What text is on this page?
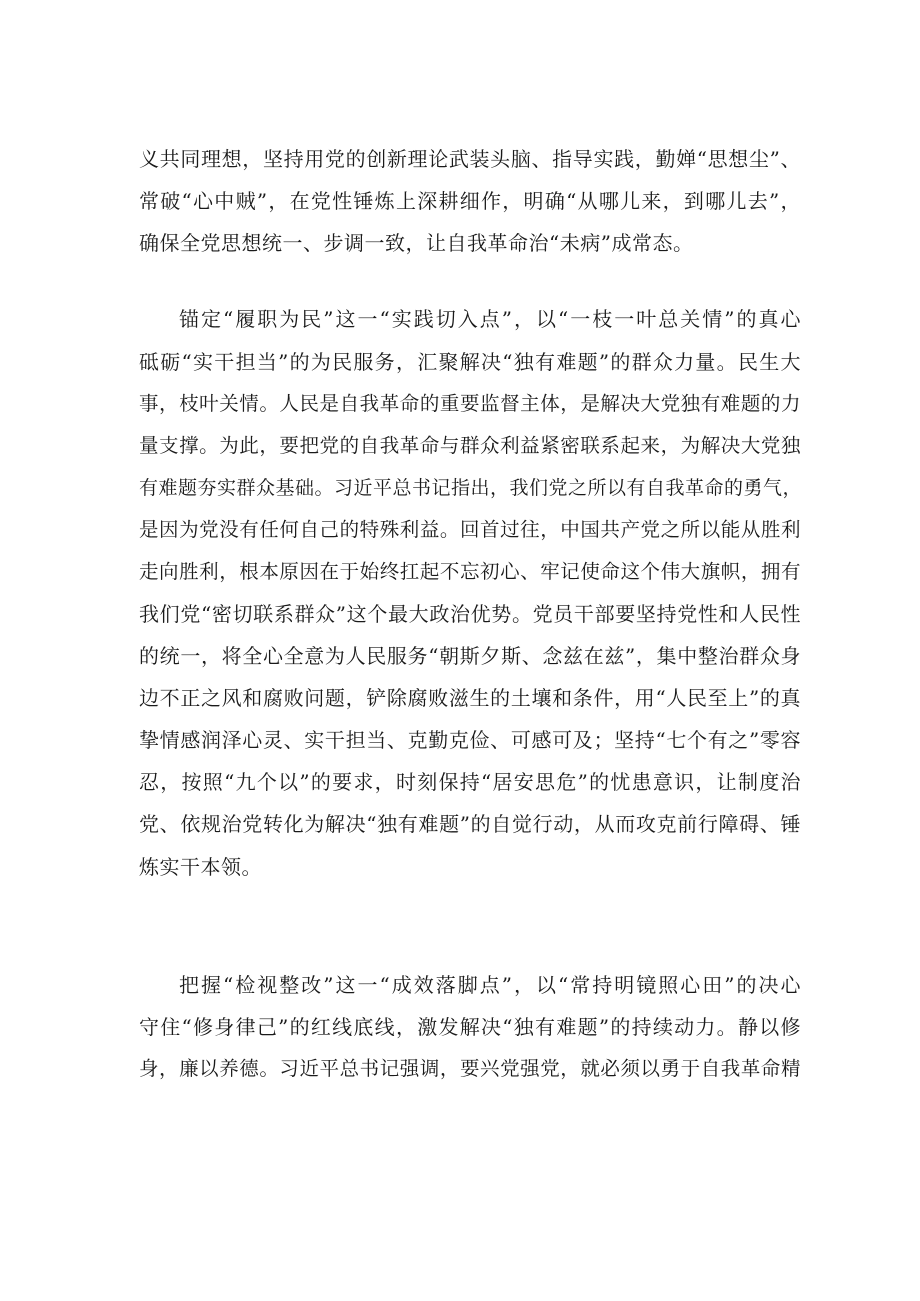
义共同理想，坚持用党的创新理论武装头脑、指导实践，勤婵“思想尘”、
常破“心中贼”，在党性锤炼上深耕细作，明确“从哪儿来，到哪儿去”，
确保全党思想统一、步调一致，让自我革命治“未病”成常态。
锚定“履职为民”这一“实践切入点”，以“一枝一叶总关情”的真心
砥砺“实干担当”的为民服务，汇聚解决“独有难题”的群众力量。民生大
事，枝叶关情。人民是自我革命的重要监督主体，是解决大党独有难题的力
量支撑。为此，要把党的自我革命与群众利益紧密联系起来，为解决大党独
有难题夯实群众基础。习近平总书记指出，我们党之所以有自我革命的勇气，
是因为党没有任何自己的特殊利益。回首过往，中国共产党之所以能从胜利
走向胜利，根本原因在于始终扛起不忘初心、牢记使命这个伟大旗帜，拥有
我们党“密切联系群众”这个最大政治优势。党员干部要坚持党性和人民性
的统一，将全心全意为人民服务“朝斯夕斯、念兹在兹”，集中整治群众身
边不正之风和腐败问题，铲除腐败滋生的土壤和条件，用“人民至上”的真
挚情感润泽心灵、实干担当、克勤克俭、可感可及；坚持“七个有之”零容
忍，按照“九个以”的要求，时刻保持“居安思危”的忧患意识，让制度治
党、依规治党转化为解决“独有难题”的自觉行动，从而攻克前行障碍、锤
炼实干本领。
把握“检视整改”这一“成效落脚点”，以“常持明镜照心田”的决心
守住“修身律己”的红线底线，激发解决“独有难题”的持续动力。静以修
身，廉以养德。习近平总书记强调，要兴党强党，就必须以勇于自我革命精
